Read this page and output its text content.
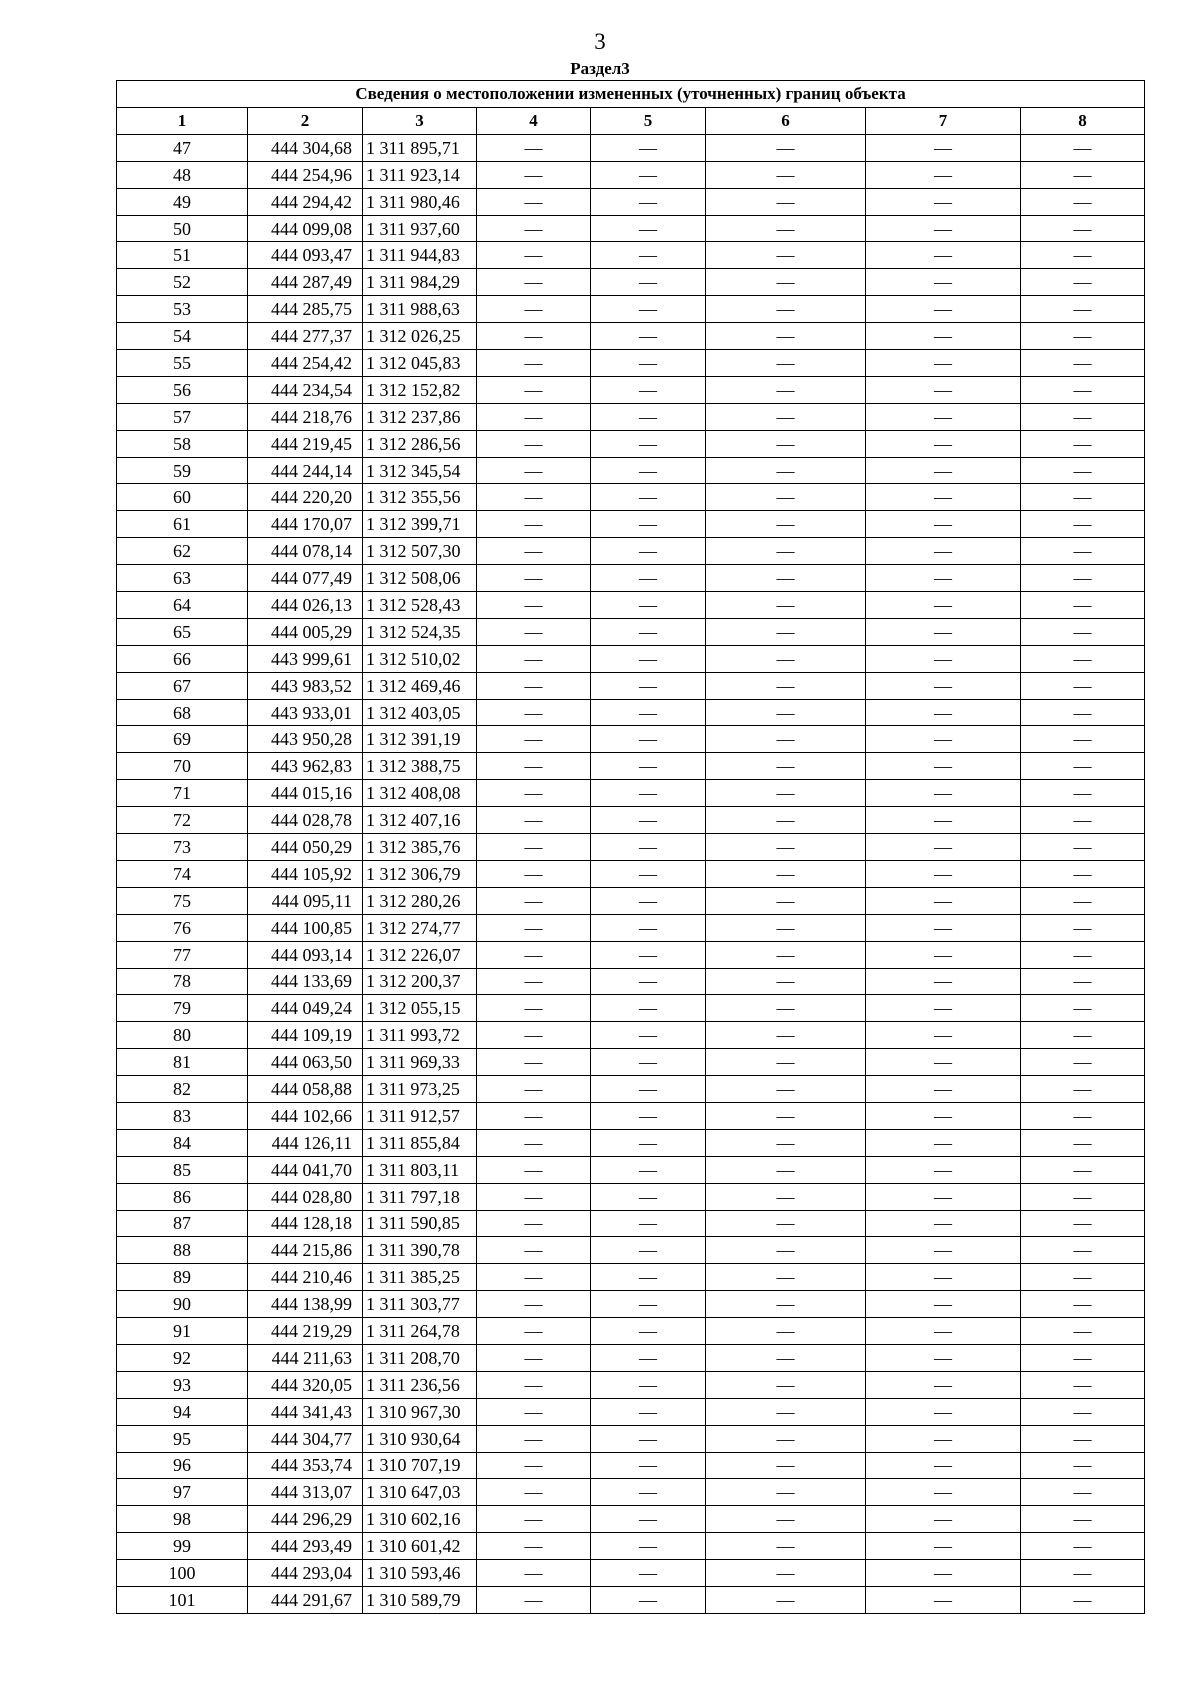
3
Раздел3
Сведения о местоположении измененных (уточненных) границ объекта							
1	2	3	4	5	6	7	8
47	444 304,68	1 311 895,71	—	—	—	—	—
48	444 254,96	1 311 923,14	—	—	—	—	—
49	444 294,42	1 311 980,46	—	—	—	—	—
50	444 099,08	1 311 937,60	—	—	—	—	—
51	444 093,47	1 311 944,83	—	—	—	—	—
52	444 287,49	1 311 984,29	—	—	—	—	—
53	444 285,75	1 311 988,63	—	—	—	—	—
54	444 277,37	1 312 026,25	—	—	—	—	—
55	444 254,42	1 312 045,83	—	—	—	—	—
56	444 234,54	1 312 152,82	—	—	—	—	—
57	444 218,76	1 312 237,86	—	—	—	—	—
58	444 219,45	1 312 286,56	—	—	—	—	—
59	444 244,14	1 312 345,54	—	—	—	—	—
60	444 220,20	1 312 355,56	—	—	—	—	—
61	444 170,07	1 312 399,71	—	—	—	—	—
62	444 078,14	1 312 507,30	—	—	—	—	—
63	444 077,49	1 312 508,06	—	—	—	—	—
64	444 026,13	1 312 528,43	—	—	—	—	—
65	444 005,29	1 312 524,35	—	—	—	—	—
66	443 999,61	1 312 510,02	—	—	—	—	—
67	443 983,52	1 312 469,46	—	—	—	—	—
68	443 933,01	1 312 403,05	—	—	—	—	—
69	443 950,28	1 312 391,19	—	—	—	—	—
70	443 962,83	1 312 388,75	—	—	—	—	—
71	444 015,16	1 312 408,08	—	—	—	—	—
72	444 028,78	1 312 407,16	—	—	—	—	—
73	444 050,29	1 312 385,76	—	—	—	—	—
74	444 105,92	1 312 306,79	—	—	—	—	—
75	444 095,11	1 312 280,26	—	—	—	—	—
76	444 100,85	1 312 274,77	—	—	—	—	—
77	444 093,14	1 312 226,07	—	—	—	—	—
78	444 133,69	1 312 200,37	—	—	—	—	—
79	444 049,24	1 312 055,15	—	—	—	—	—
80	444 109,19	1 311 993,72	—	—	—	—	—
81	444 063,50	1 311 969,33	—	—	—	—	—
82	444 058,88	1 311 973,25	—	—	—	—	—
83	444 102,66	1 311 912,57	—	—	—	—	—
84	444 126,11	1 311 855,84	—	—	—	—	—
85	444 041,70	1 311 803,11	—	—	—	—	—
86	444 028,80	1 311 797,18	—	—	—	—	—
87	444 128,18	1 311 590,85	—	—	—	—	—
88	444 215,86	1 311 390,78	—	—	—	—	—
89	444 210,46	1 311 385,25	—	—	—	—	—
90	444 138,99	1 311 303,77	—	—	—	—	—
91	444 219,29	1 311 264,78	—	—	—	—	—
92	444 211,63	1 311 208,70	—	—	—	—	—
93	444 320,05	1 311 236,56	—	—	—	—	—
94	444 341,43	1 310 967,30	—	—	—	—	—
95	444 304,77	1 310 930,64	—	—	—	—	—
96	444 353,74	1 310 707,19	—	—	—	—	—
97	444 313,07	1 310 647,03	—	—	—	—	—
98	444 296,29	1 310 602,16	—	—	—	—	—
99	444 293,49	1 310 601,42	—	—	—	—	—
100	444 293,04	1 310 593,46	—	—	—	—	—
101	444 291,67	1 310 589,79	—	—	—	—	—
